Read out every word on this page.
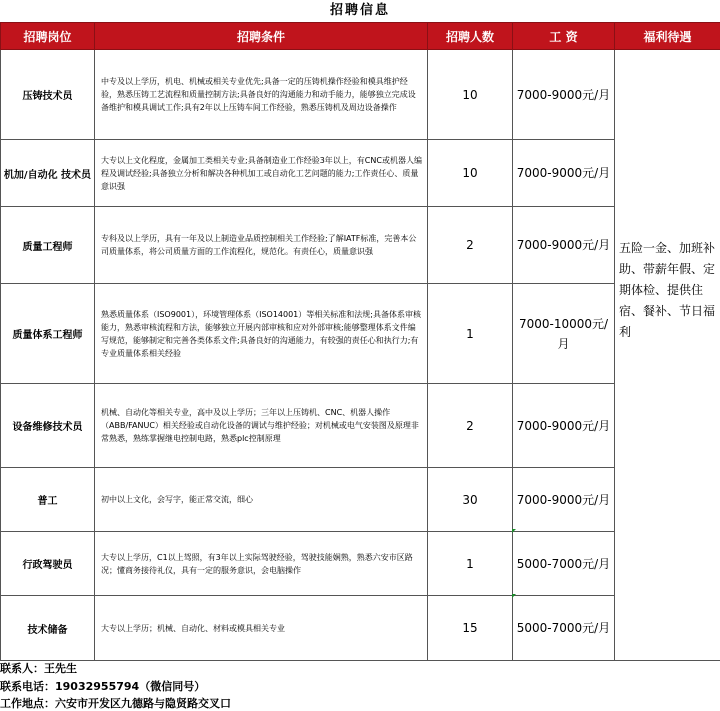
招聘信息
招聘岗位	招聘条件	招聘人数	工 资	福利待遇
压铸技术员	中专及以上学历，机电、机械或相关专业优先;具备一定的压铸机操作经验和模具维护经验，熟悉压铸工艺流程和质量控制方法;具备良好的沟通能力和动手能力，能够独立完成设备维护和模具调试工作;具有2年以上压铸车间工作经验，熟悉压铸机及周边设备操作	10	7000-9000元/月	五险一金、加班补助、带薪年假、定期体检、提供住宿、餐补、节日福利
机加/自动化 技术员	大专以上文化程度，金属加工类相关专业;具备制造业工作经验3年以上，有CNC或机器人编程及调试经验;具备独立分析和解决各种机加工或自动化工艺问题的能力;工作责任心、质量意识强	10	7000-9000元/月	
质量工程师	专科及以上学历，具有一年及以上制造业品质控制相关工作经验;了解IATF标准，完善本公司质量体系，将公司质量方面的工作流程化，规范化。有责任心，质量意识强	2	7000-9000元/月	
质量体系工程师	熟悉质量体系（ISO9001），环境管理体系（ISO14001）等相关标准和法规;具备体系审核能力，熟悉审核流程和方法，能够独立开展内部审核和应对外部审核;能够整理体系文件编写规范，能够制定和完善各类体系文件;具备良好的沟通能力，有较强的责任心和执行力;有专业质量体系相关经验	1	7000-10000元/月	
设备维修技术员	机械、自动化等相关专业，高中及以上学历；三年以上压铸机、CNC、机器人操作（ABB/FANUC）相关经验或自动化设备的调试与维护经验；对机械或电气安装图及原理非常熟悉，熟练掌握继电控制电路，熟悉plc控制原理	2	7000-9000元/月	
普工	初中以上文化，会写字，能正常交流，细心	30	7000-9000元/月	
行政驾驶员	大专以上学历，C1以上驾照，有3年以上实际驾驶经验，驾驶技能娴熟，熟悉六安市区路况；懂商务接待礼仪，具有一定的服务意识，会电脑操作	1	5000-7000元/月	
技术储备	大专以上学历；机械、自动化、材料或模具相关专业	15	5000-7000元/月	
联系人：王先生
联系电话：19032955794（微信同号）
工作地点：六安市开发区九德路与隐贤路交叉口
